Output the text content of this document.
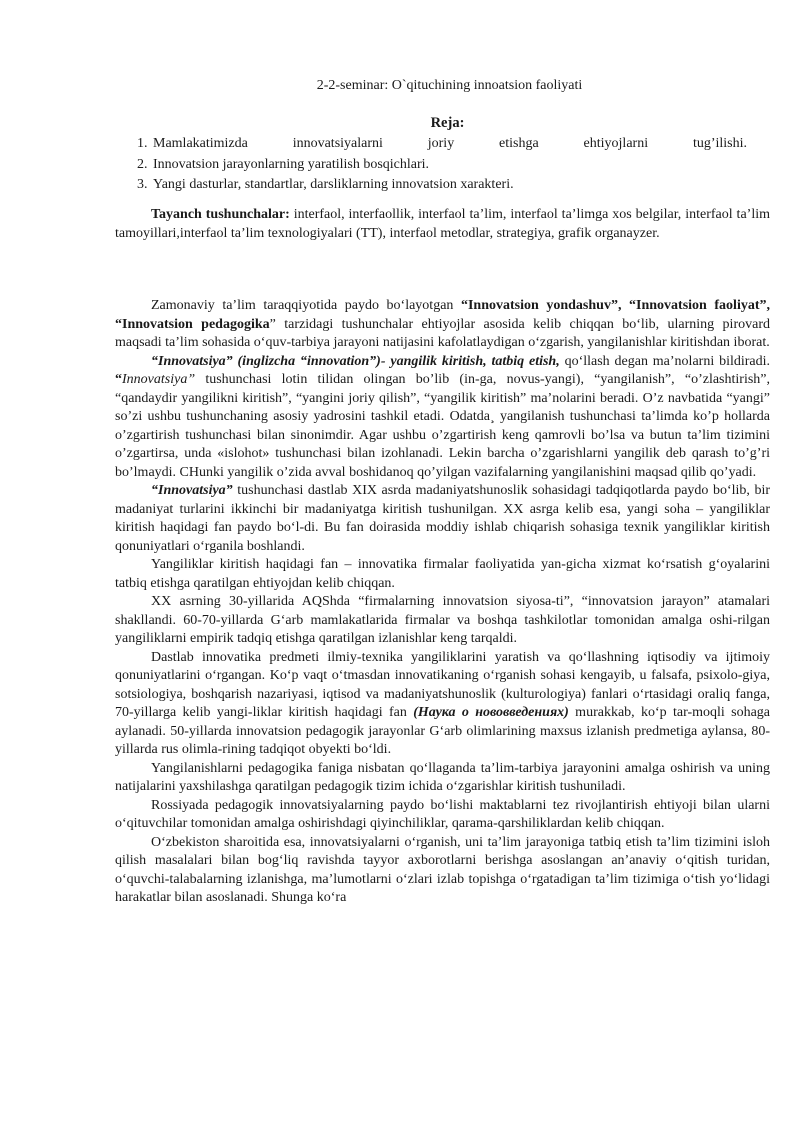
2-2-seminar: O`qituchining innoatsion faoliyati
Reja:
1. Mamlakatimizda innovatsiyalarni joriy etishga ehtiyojlarni tug’ilishi.
2. Innovatsion jarayonlarning yaratilish bosqichlari.
3. Yangi dasturlar, standartlar, darsliklarning innovatsion xarakteri.

Tayanch tushunchalar: interfaol, interfaollik, interfaol ta’lim, interfaol ta’limga xos belgilar, interfaol ta’lim tamoyillari,interfaol ta’lim texnologiyalari (TT), interfaol metodlar, strategiya, grafik organayzer.

Zamonaviy ta’lim taraqqiyotida paydo bo‘layotgan “Innovatsion yondashuv”, “Innovatsion faoliyat”, “Innovatsion pedagogika” tarzidagi tushunchalar ehtiyojlar asosida kelib chiqqan bo‘lib, ularning pirovard maqsadi ta’lim sohasida o‘quv-tarbiya jarayoni natijasini kafolatlaydigan o‘zgarish, yangilanishlar kiritishdan iborat.

“Innovatsiya” (inglizcha “innovation”)- yangilik kiritish, tatbiq etish, qo‘llash degan ma’nolarni bildiradi. “Innovatsiya” tushunchasi lotin tilidan olingan bo’lib (in-ga, novus-yangi), “yangilanish”, “o’zlashtirish”, “qandaydir yangilikni kiritish”, “yangini joriy qilish”, “yangilik kiritish” ma’nolarini beradi. O’z navbatida “yangi” so’zi ushbu tushunchaning asosiy yadrosini tashkil etadi. Odatda¸ yangilanish tushunchasi ta’limda ko’p hollarda o’zgartirish tushunchasi bilan sinonimdir. Agar ushbu o’zgartirish keng qamrovli bo’lsa va butun ta’lim tizimini o’zgartirsa, unda «islohot» tushunchasi bilan izohlanadi. Lekin barcha o’zgarishlarni yangilik deb qarash to’g’ri bo’lmaydi. CHunki yangilik o’zida avval boshidanoq qo’yilgan vazifalarning yangilanishini maqsad qilib qo’yadi.

“Innovatsiya” tushunchasi dastlab XIX asrda madaniyatshunoslik sohasidagi tadqiqotlarda paydo bo‘lib, bir madaniyat turlarini ikkinchi bir madaniyatga kiritish tushunilgan. XX asrga kelib esa, yangi soha – yangiliklar kiritish haqidagi fan paydo bo‘l-di. Bu fan doirasida moddiy ishlab chiqarish sohasiga texnik yangiliklar kiritish qonuniyatlari o‘rganila boshlandi.

Yangiliklar kiritish haqidagi fan – innovatika firmalar faoliyatida yan-gicha xizmat ko‘rsatish g‘oyalarini tatbiq etishga qaratilgan ehtiyojdan kelib chiqqan.

XX asrning 30-yillarida AQShda “firmalarning innovatsion siyosa-ti”, “innovatsion jarayon” atamalari shakllandi. 60-70-yillarda G‘arb mamlakatlarida firmalar va boshqa tashkilotlar tomonidan amalga oshi-rilgan yangiliklarni empirik tadqiq etishga qaratilgan izlanishlar keng tarqaldi.

Dastlab innovatika predmeti ilmiy-texnika yangiliklarini yaratish va qo‘llashning iqtisodiy va ijtimoiy qonuniyatlarini o‘rgangan. Ko‘p vaqt o‘tmasdan innovatikaning o‘rganish sohasi kengayib, u falsafa, psixolo-giya, sotsiologiya, boshqarish nazariyasi, iqtisod va madaniyatshunoslik (kulturologiya) fanlari o‘rtasidagi oraliq fanga, 70-yillarga kelib yangi-liklar kiritish haqidagi fan (Наука о нововведениях) murakkab, ko‘p tar-moqli sohaga aylanadi. 50-yillarda innovatsion pedagogik jarayonlar G‘arb olimlarining maxsus izlanish predmetiga aylansa, 80-yillarda rus olimla-rining tadqiqot obyekti bo‘ldi.

Yangilanishlarni pedagogika faniga nisbatan qo‘llaganda ta’lim-tarbiya jarayonini amalga oshirish va uning natijalarini yaxshilashga qaratilgan pedagogik tizim ichida o‘zgarishlar kiritish tushuniladi.

Rossiyada pedagogik innovatsiyalarning paydo bo‘lishi maktablarni tez rivojlantirish ehtiyoji bilan ularni o‘qituvchilar tomonidan amalga oshirishdagi qiyinchiliklar, qarama-qarshiliklardan kelib chiqqan.

O‘zbekiston sharoitida esa, innovatsiyalarni o‘rganish, uni ta’lim jarayoniga tatbiq etish ta’lim tizimini isloh qilish masalalari bilan bog‘liq ravishda tayyor axborotlarni berishga asoslangan an’anaviy o‘qitish turidan, o‘quvchi-talabalarning izlanishga, ma’lumotlarni o‘zlari izlab topishga o‘rgatadigan ta’lim tizimiga o‘tish yo‘lidagi harakatlar bilan asoslanadi. Shunga ko‘ra
